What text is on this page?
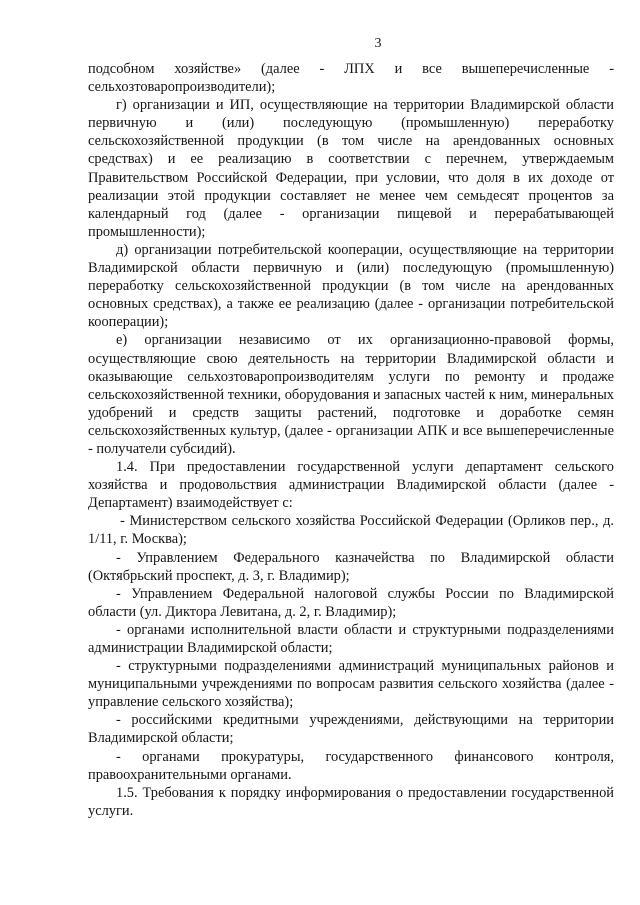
3

подсобном хозяйстве» (далее - ЛПХ и все вышеперечисленные - сельхозтоваропроизводители);

г) организации и ИП, осуществляющие на территории Владимирской области первичную и (или) последующую (промышленную) переработку сельскохозяйственной продукции (в том числе на арендованных основных средствах) и ее реализацию в соответствии с перечнем, утверждаемым Правительством Российской Федерации, при условии, что доля в их доходе от реализации этой продукции составляет не менее чем семьдесят процентов за календарный год (далее - организации пищевой и перерабатывающей промышленности);

д) организации потребительской кооперации, осуществляющие на территории Владимирской области первичную и (или) последующую (промышленную) переработку сельскохозяйственной продукции (в том числе на арендованных основных средствах), а также ее реализацию (далее - организации потребительской кооперации);

е) организации независимо от их организационно-правовой формы, осуществляющие свою деятельность на территории Владимирской области и оказывающие сельхозтоваропроизводителям услуги по ремонту и продаже сельскохозяйственной техники, оборудования и запасных частей к ним, минеральных удобрений и средств защиты растений, подготовке и доработке семян сельскохозяйственных культур, (далее - организации АПК и все вышеперечисленные - получатели субсидий).

1.4. При предоставлении государственной услуги департамент сельского хозяйства и продовольствия администрации Владимирской области (далее - Департамент) взаимодействует с:

- Министерством сельского хозяйства Российской Федерации (Орликов пер., д. 1/11, г. Москва);

- Управлением Федерального казначейства по Владимирской области (Октябрьский проспект, д. 3, г. Владимир);

- Управлением Федеральной налоговой службы России по Владимирской области (ул. Диктора Левитана, д. 2, г. Владимир);

- органами исполнительной власти области и структурными подразделениями администрации Владимирской области;

- структурными подразделениями администраций муниципальных районов и муниципальными учреждениями по вопросам развития сельского хозяйства (далее - управление сельского хозяйства);

- российскими кредитными учреждениями, действующими на территории Владимирской области;

- органами прокуратуры, государственного финансового контроля, правоохранительными органами.

1.5. Требования к порядку информирования о предоставлении государственной услуги.
